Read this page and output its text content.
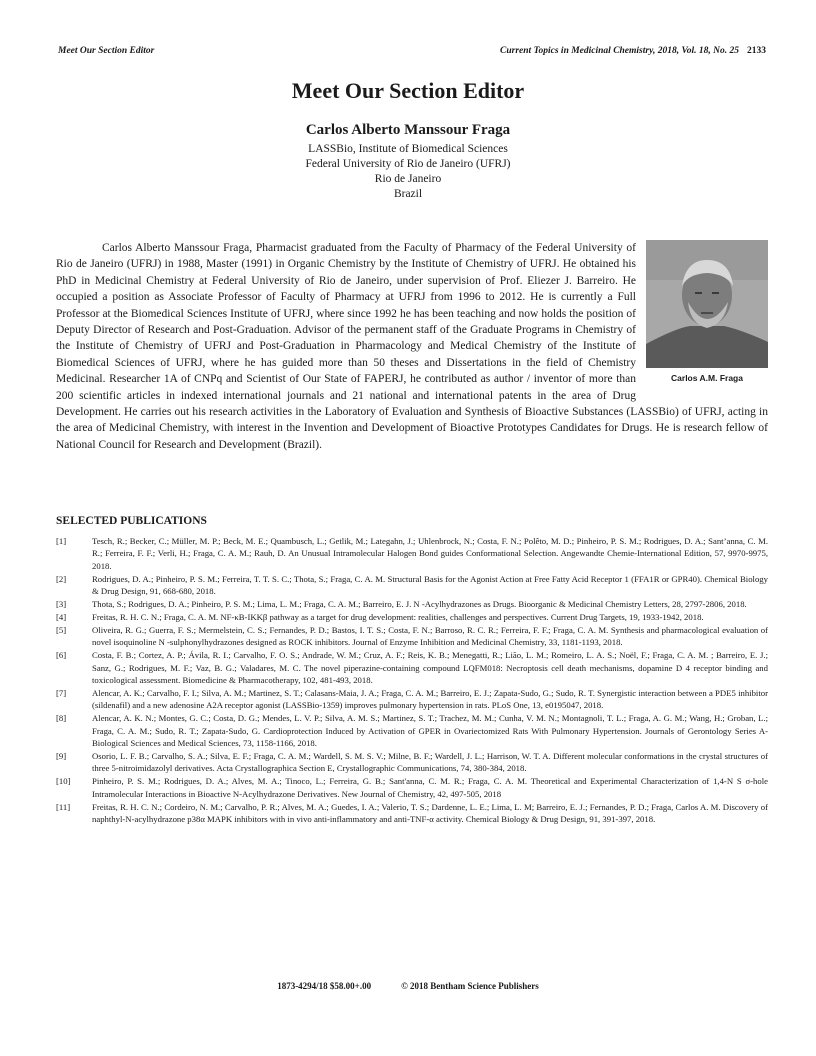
Meet Our Section Editor	Current Topics in Medicinal Chemistry, 2018, Vol. 18, No. 25 2133
Meet Our Section Editor
Carlos Alberto Manssour Fraga
LASSBio, Institute of Biomedical Sciences
Federal University of Rio de Janeiro (UFRJ)
Rio de Janeiro
Brazil
Carlos A.M. Fraga
Carlos Alberto Manssour Fraga, Pharmacist graduated from the Faculty of Pharmacy of the Federal University of Rio de Janeiro (UFRJ) in 1988, Master (1991) in Organic Chemistry by the Institute of Chemistry of UFRJ. He obtained his PhD in Medicinal Chemistry at Federal University of Rio de Janeiro, under supervision of Prof. Eliezer J. Barreiro. He occupied a position as Associate Professor of Faculty of Pharmacy at UFRJ from 1996 to 2012. He is currently a Full Professor at the Biomedical Sciences Institute of UFRJ, where since 1992 he has been teaching and now holds the position of Deputy Director of Research and Post-Graduation. Advisor of the permanent staff of the Graduate Programs in Chemistry of the Institute of Chemistry of UFRJ and Post-Graduation in Pharmacology and Medical Chemistry of the Institute of Biomedical Sciences of UFRJ, where he has guided more than 50 theses and Dissertations in the field of Chemistry Medicinal. Researcher 1A of CNPq and Scientist of Our State of FAPERJ, he contributed as author / inventor of more than 200 scientific articles in indexed international journals and 21 national and international patents in the area of Drug Development. He carries out his research activities in the Laboratory of Evaluation and Synthesis of Bioactive Substances (LASSBio) of UFRJ, acting in the area of Medicinal Chemistry, with interest in the Invention and Development of Bioactive Prototypes Candidates for Drugs. He is research fellow of National Council for Research and Development (Brazil).
SELECTED PUBLICATIONS
[1]	Tesch, R.; Becker, C.; Müller, M. P.; Beck, M. E.; Quambusch, L.; Getlik, M.; Lategahn, J.; Uhlenbrock, N.; Costa, F. N.; Polêto, M. D.; Pinheiro, P. S. M.; Rodrigues, D. A.; Sant’anna, C. M. R.; Ferreira, F. F.; Verli, H.; Fraga, C. A. M.; Rauh, D. An Unusual Intramolecular Halogen Bond guides Conformational Selection. Angewandte Chemie-International Edition, 57, 9970-9975, 2018.
[2]	Rodrigues, D. A.; Pinheiro, P. S. M.; Ferreira, T. T. S. C.; Thota, S.; Fraga, C. A. M. Structural Basis for the Agonist Action at Free Fatty Acid Receptor 1 (FFA1R or GPR40). Chemical Biology & Drug Design, 91, 668-680, 2018.
[3]	Thota, S.; Rodrigues, D. A.; Pinheiro, P. S. M.; Lima, L. M.; Fraga, C. A. M.; Barreiro, E. J. N -Acylhydrazones as Drugs. Bioorganic & Medicinal Chemistry Letters, 28, 2797-2806, 2018.
[4]	Freitas, R. H. C. N.; Fraga, C. A. M. NF-κB-IKKβ pathway as a target for drug development: realities, challenges and perspectives. Current Drug Targets, 19, 1933-1942, 2018.
[5]	Oliveira, R. G.; Guerra, F. S.; Mermelstein, C. S.; Fernandes, P. D.; Bastos, I. T. S.; Costa, F. N.; Barroso, R. C. R.; Ferreira, F. F.; Fraga, C. A. M. Synthesis and pharmacological evaluation of novel isoquinoline N -sulphonylhydrazones designed as ROCK inhibitors. Journal of Enzyme Inhibition and Medicinal Chemistry, 33, 1181-1193, 2018.
[6]	Costa, F. B.; Cortez, A. P.; Ávila, R. I.; Carvalho, F. O. S.; Andrade, W. M.; Cruz, A. F.; Reis, K. B.; Menegatti, R.; Lião, L. M.; Romeiro, L. A. S.; Noël, F.; Fraga, C. A. M. ; Barreiro, E. J.; Sanz, G.; Rodrigues, M. F.; Vaz, B. G.; Valadares, M. C. The novel piperazine-containing compound LQFM018: Necroptosis cell death mechanisms, dopamine D 4 receptor binding and toxicological assessment. Biomedicine & Pharmacotherapy, 102, 481-493, 2018.
[7]	Alencar, A. K.; Carvalho, F. I.; Silva, A. M.; Martinez, S. T.; Calasans-Maia, J. A.; Fraga, C. A. M.; Barreiro, E. J.; Zapata-Sudo, G.; Sudo, R. T. Synergistic interaction between a PDE5 inhibitor (sildenafil) and a new adenosine A2A receptor agonist (LASSBio-1359) improves pulmonary hypertension in rats. PLoS One, 13, e0195047, 2018.
[8]	Alencar, A. K. N.; Montes, G. C.; Costa, D. G.; Mendes, L. V. P.; Silva, A. M. S.; Martinez, S. T.; Trachez, M. M.; Cunha, V. M. N.; Montagnoli, T. L.; Fraga, A. G. M.; Wang, H.; Groban, L.; Fraga, C. A. M.; Sudo, R. T.; Zapata-Sudo, G. Cardioprotection Induced by Activation of GPER in Ovariectomized Rats With Pulmonary Hypertension. Journals of Gerontology Series A-Biological Sciences and Medical Sciences, 73, 1158-1166, 2018.
[9]	Osorio, L. F. B.; Carvalho, S. A.; Silva, E. F.; Fraga, C. A. M.; Wardell, S. M. S. V.; Milne, B. F.; Wardell, J. L.; Harrison, W. T. A. Different molecular conformations in the crystal structures of three 5-nitroimidazolyl derivatives. Acta Crystallographica Section E, Crystallographic Communications, 74, 380-384, 2018.
[10]	Pinheiro, P. S. M.; Rodrigues, D. A.; Alves, M. A.; Tinoco, L.; Ferreira, G. B.; Sant'anna, C. M. R.; Fraga, C. A. M. Theoretical and Experimental Characterization of 1,4-N S σ-hole Intramolecular Interactions in Bioactive N-Acylhydrazone Derivatives. New Journal of Chemistry, 42, 497-505, 2018
[11]	Freitas, R. H. C. N.; Cordeiro, N. M.; Carvalho, P. R.; Alves, M. A.; Guedes, I. A.; Valerio, T. S.; Dardenne, L. E.; Lima, L. M; Barreiro, E. J.; Fernandes, P. D.; Fraga, Carlos A. M. Discovery of naphthyl-N-acylhydrazone p38α MAPK inhibitors with in vivo anti-inflammatory and anti-TNF-α activity. Chemical Biology & Drug Design, 91, 391-397, 2018.
1873-4294/18 $58.00+.00	© 2018 Bentham Science Publishers
